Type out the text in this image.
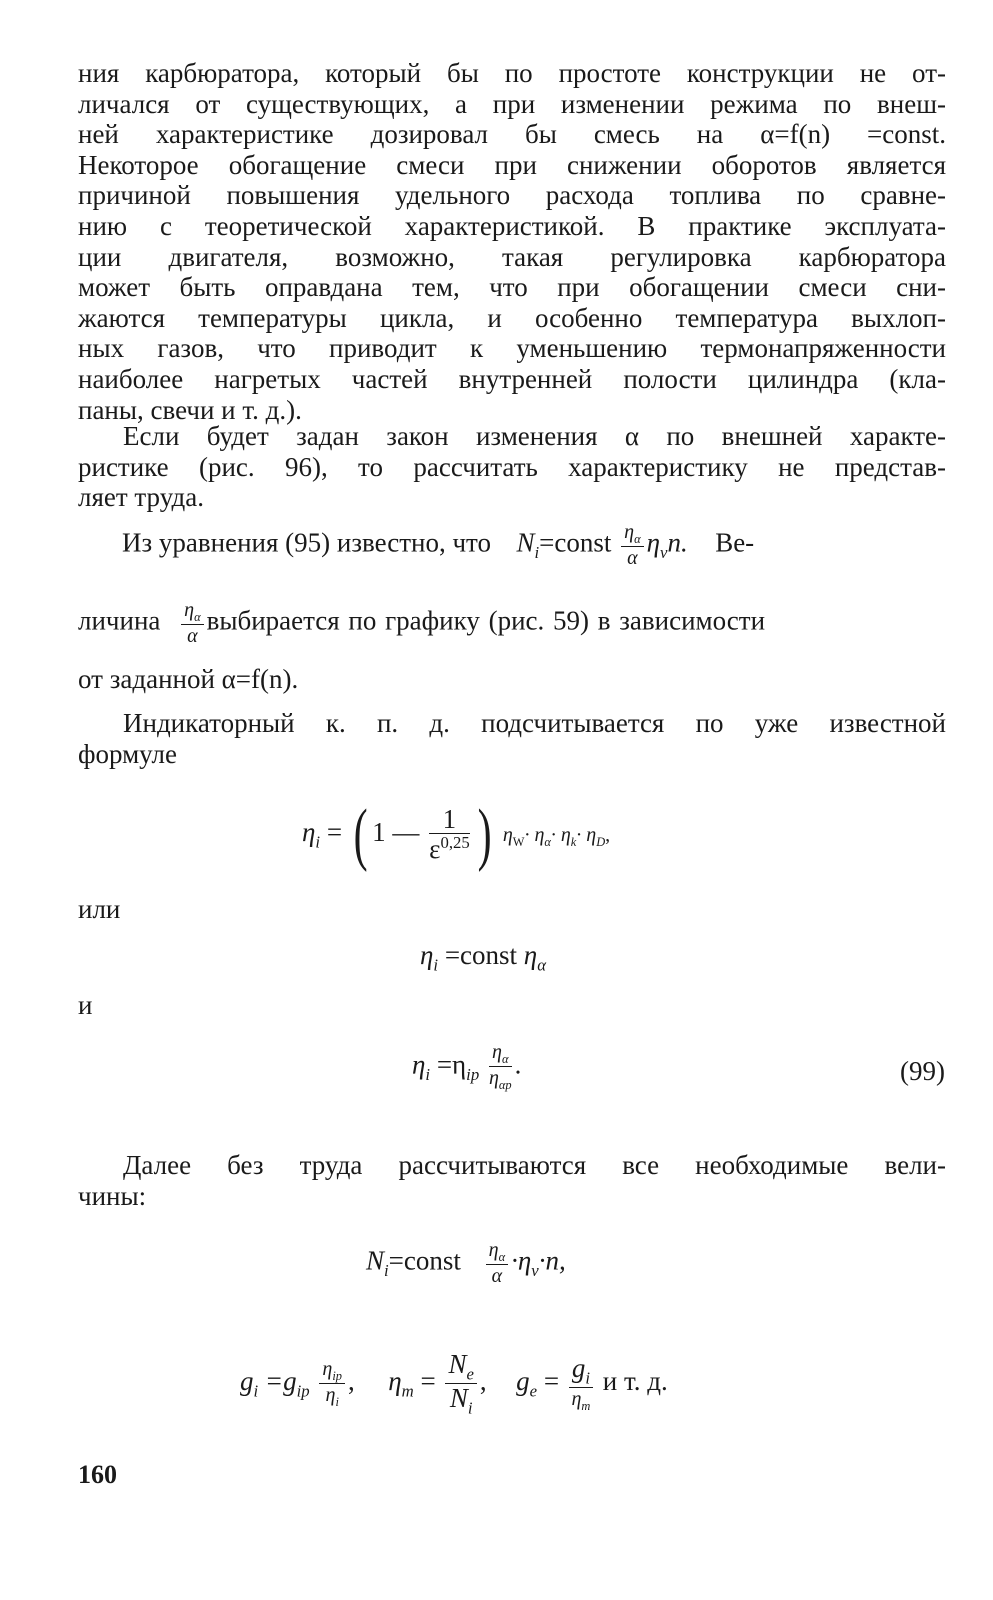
ния карбюратора, который бы по простоте конструкции не от-
личался от существующих, а при изменении режима по внеш-
ней характеристике дозировал бы смесь на α=f(n) =const.
Некоторое обогащение смеси при снижении оборотов является
причиной повышения удельного расхода топлива по сравне-
нию с теоретической характеристикой. В практике эксплуата-
ции двигателя, возможно, такая регулировка карбюратора
может быть оправдана тем, что при обогащении смеси сни-
жаются температуры цикла, и особенно температура выхлоп-
ных газов, что приводит к уменьшению термонапряженности
наиболее нагретых частей внутренней полости цилиндра (кла-
паны, свечи и т. д.).
Если будет задан закон изменения α по внешней характе-
ристике (рис. 96), то рассчитать характеристику не представ-
ляет труда.
Из уравнения (95) известно, что $N_i=const \frac{\eta_\alpha}{\alpha} \eta_vn$. Ве-
личина $\frac{\eta_\alpha}{\alpha}$ выбирается по графику (рис. 59) в зависимости
от заданной α=f(n).
Индикаторный к. п. д. подсчитывается по уже известной
формуле
$\eta_i$ = ( 1 — $\frac{1}{\varepsilon^{0,25}}$ ) $\eta_W\cdot \eta_\alpha\cdot \eta_k\cdot \eta_D$,
или
$\eta_i$ =const $\eta_\alpha$
и
$\eta_i =\eta_{ip} \frac{\eta_\alpha}{\eta_{\alpha p}}$ .	(99)
Далее без труда рассчитываются все необходимые вели-
чины:
$N_i=const \frac{\eta_\alpha}{\alpha} \cdot\eta_v\cdot n$,
$g_i =g_{ip} \frac{\eta_{ip}}{\eta_i}$ , $\eta_m = \frac{N_e}{N_i}$ , $g_e = \frac{g_i}{\eta_m}$ и т. д.
160
